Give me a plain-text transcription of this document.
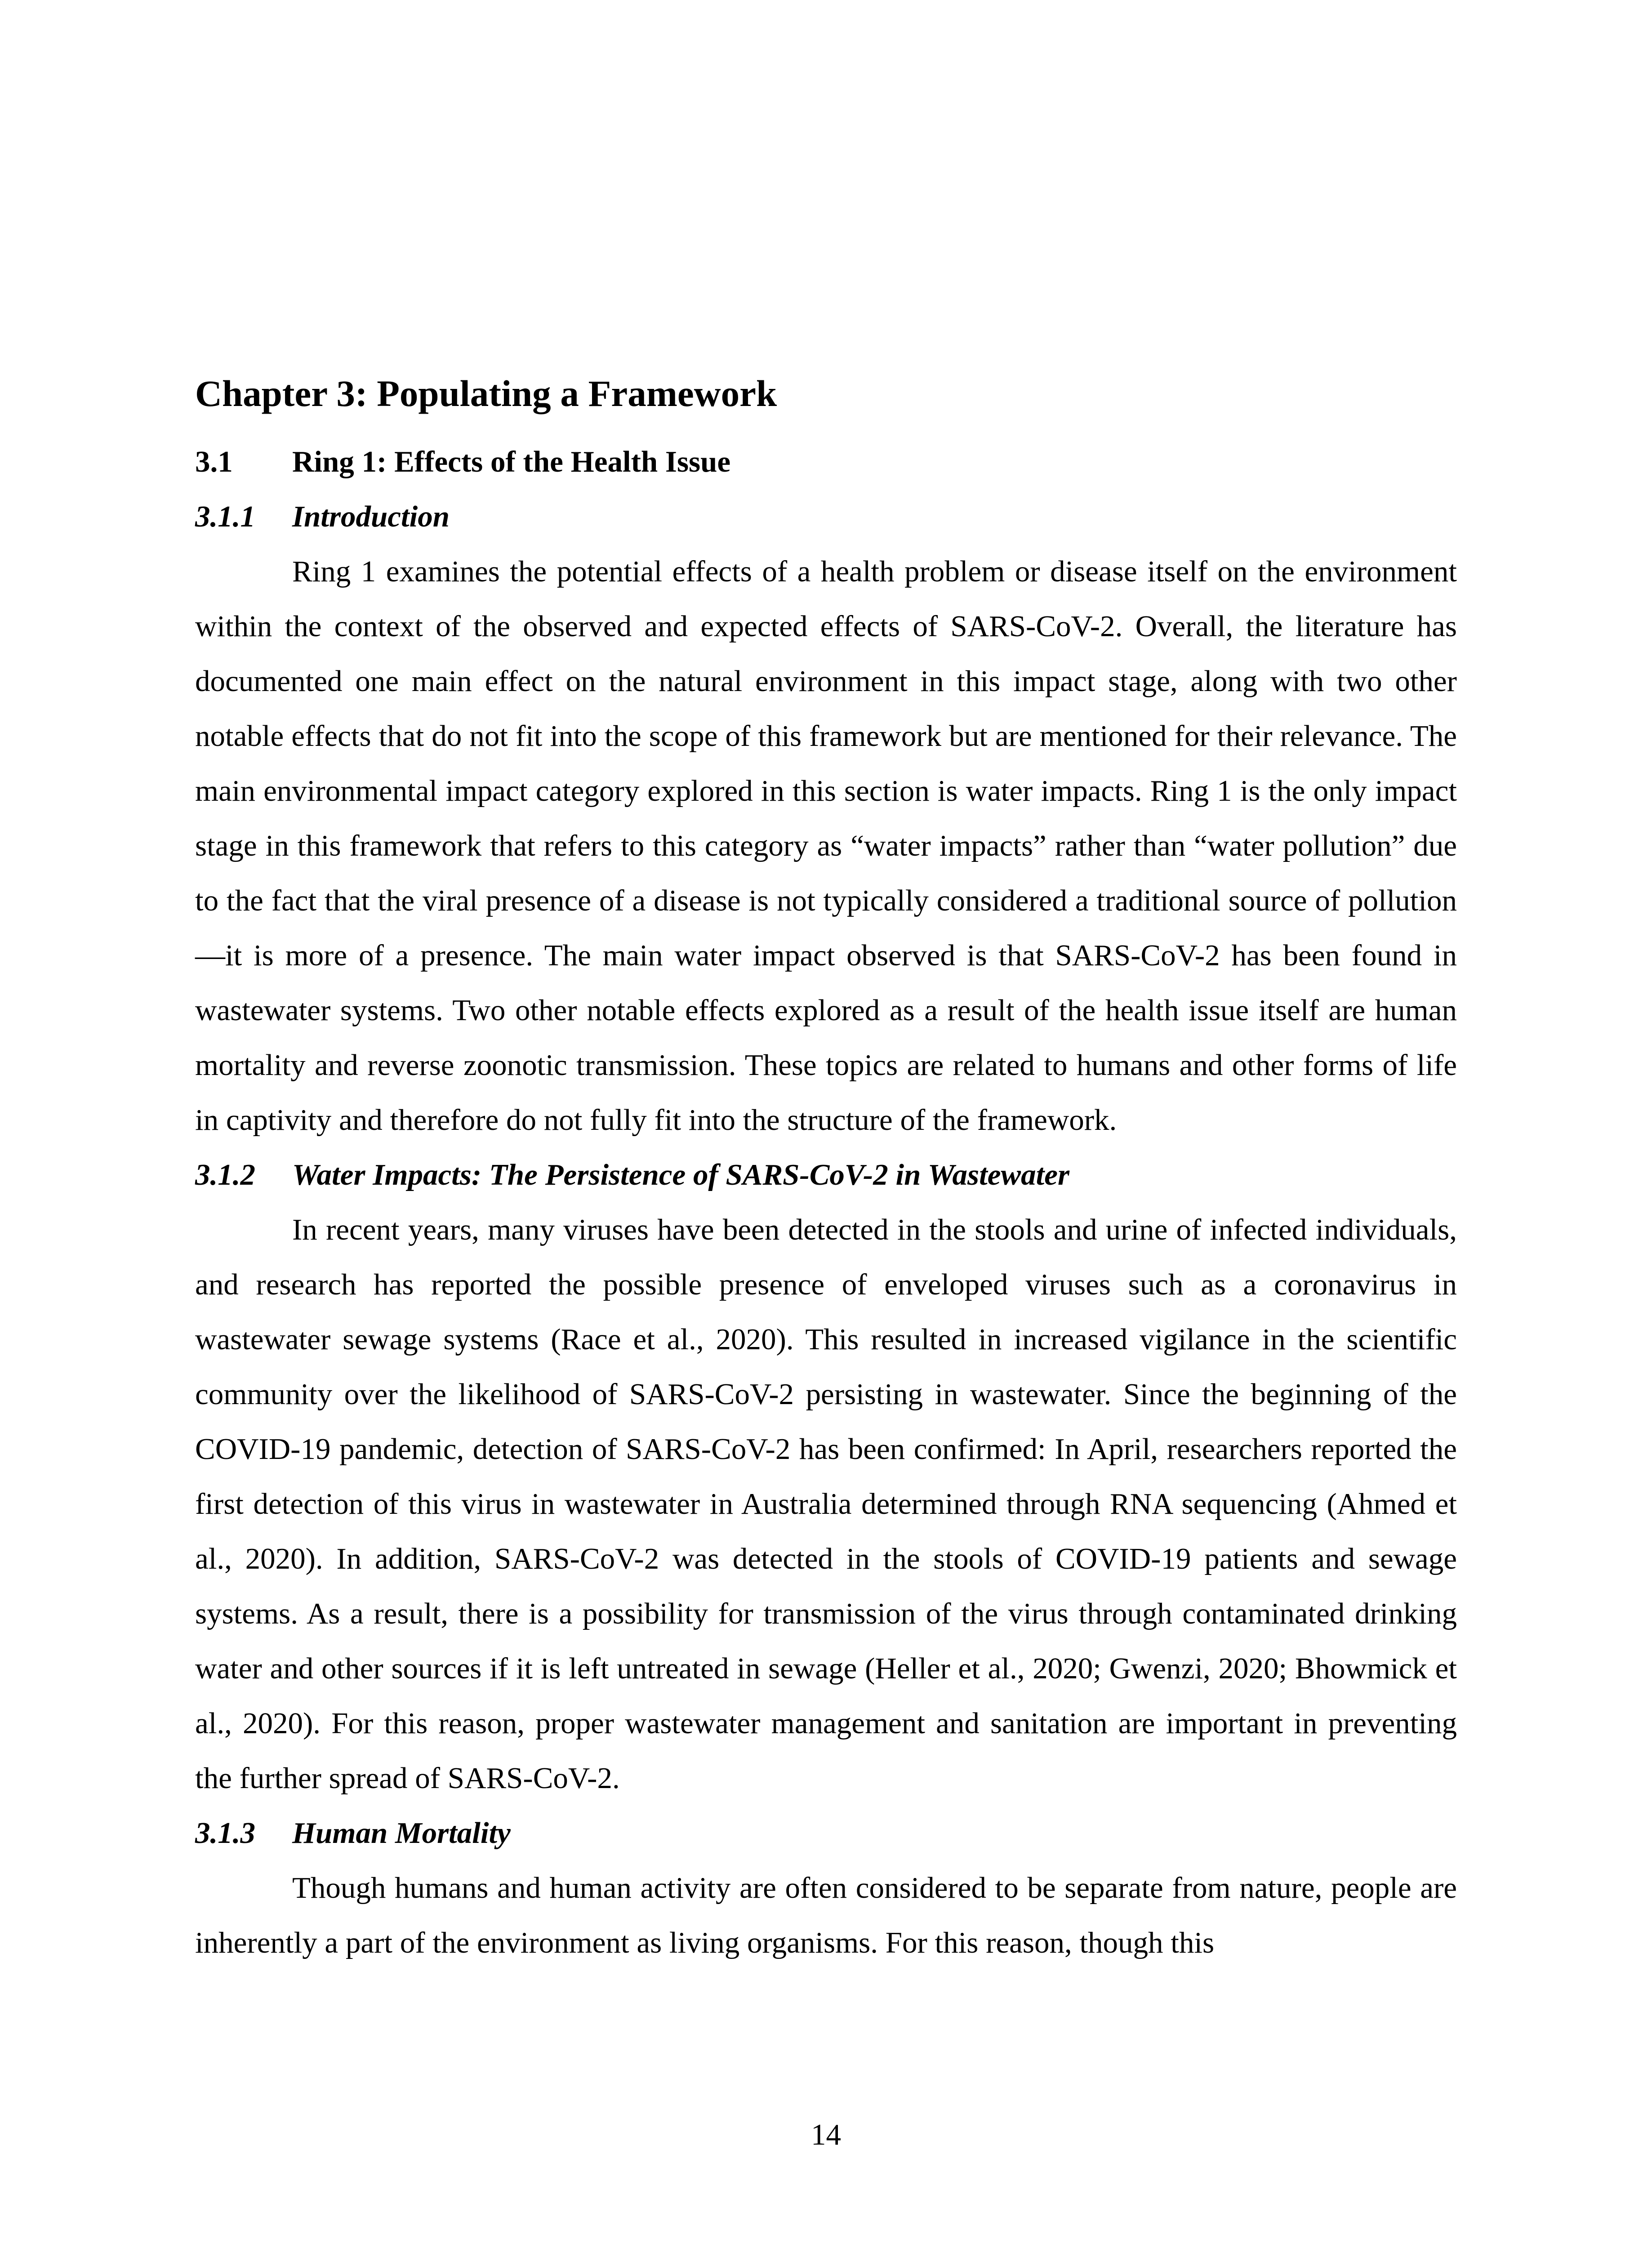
Chapter 3: Populating a Framework
3.1 Ring 1: Effects of the Health Issue
3.1.1 Introduction

Ring 1 examines the potential effects of a health problem or disease itself on the environment within the context of the observed and expected effects of SARS-CoV-2. Overall, the literature has documented one main effect on the natural environment in this impact stage, along with two other notable effects that do not fit into the scope of this framework but are mentioned for their relevance. The main environmental impact category explored in this section is water impacts. Ring 1 is the only impact stage in this framework that refers to this category as “water impacts” rather than “water pollution” due to the fact that the viral presence of a disease is not typically considered a traditional source of pollution—it is more of a presence. The main water impact observed is that SARS-CoV-2 has been found in wastewater systems. Two other notable effects explored as a result of the health issue itself are human mortality and reverse zoonotic transmission. These topics are related to humans and other forms of life in captivity and therefore do not fully fit into the structure of the framework.

3.1.2 Water Impacts: The Persistence of SARS-CoV-2 in Wastewater

In recent years, many viruses have been detected in the stools and urine of infected individuals, and research has reported the possible presence of enveloped viruses such as a coronavirus in wastewater sewage systems (Race et al., 2020). This resulted in increased vigilance in the scientific community over the likelihood of SARS-CoV-2 persisting in wastewater. Since the beginning of the COVID-19 pandemic, detection of SARS-CoV-2 has been confirmed: In April, researchers reported the first detection of this virus in wastewater in Australia determined through RNA sequencing (Ahmed et al., 2020). In addition, SARS-CoV-2 was detected in the stools of COVID-19 patients and sewage systems. As a result, there is a possibility for transmission of the virus through contaminated drinking water and other sources if it is left untreated in sewage (Heller et al., 2020; Gwenzi, 2020; Bhowmick et al., 2020). For this reason, proper wastewater management and sanitation are important in preventing the further spread of SARS-CoV-2.

3.1.3 Human Mortality

Though humans and human activity are often considered to be separate from nature, people are inherently a part of the environment as living organisms. For this reason, though this

14
